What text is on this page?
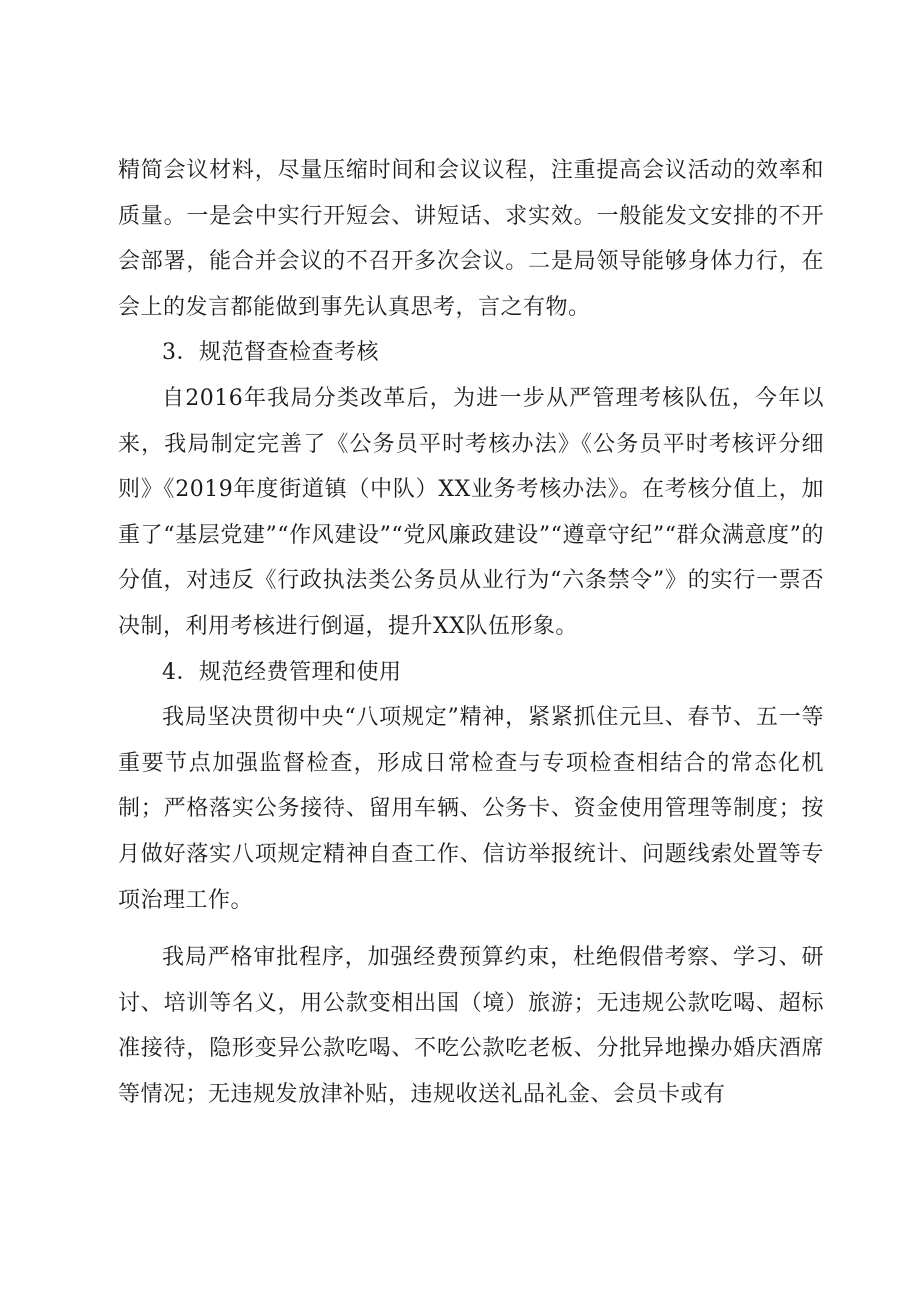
精简会议材料，尽量压缩时间和会议议程，注重提高会议活动的效率和质量。一是会中实行开短会、讲短话、求实效。一般能发文安排的不开会部署，能合并会议的不召开多次会议。二是局领导能够身体力行，在会上的发言都能做到事先认真思考，言之有物。

3．规范督查检查考核

自2016年我局分类改革后，为进一步从严管理考核队伍，今年以来，我局制定完善了《公务员平时考核办法》《公务员平时考核评分细则》《2019年度街道镇（中队）XX业务考核办法》。在考核分值上，加重了“基层党建”“作风建设”“党风廉政建设”“遵章守纪”“群众满意度”的分值，对违反《行政执法类公务员从业行为“六条禁令”》的实行一票否决制，利用考核进行倒逼，提升XX队伍形象。

4．规范经费管理和使用

我局坚决贯彻中央“八项规定”精神，紧紧抓住元旦、春节、五一等重要节点加强监督检查，形成日常检查与专项检查相结合的常态化机制；严格落实公务接待、留用车辆、公务卡、资金使用管理等制度；按月做好落实八项规定精神自查工作、信访举报统计、问题线索处置等专项治理工作。

我局严格审批程序，加强经费预算约束，杜绝假借考察、学习、研讨、培训等名义，用公款变相出国（境）旅游；无违规公款吃喝、超标准接待，隐形变异公款吃喝、不吃公款吃老板、分批异地操办婚庆酒席等情况；无违规发放津补贴，违规收送礼品礼金、会员卡或有
